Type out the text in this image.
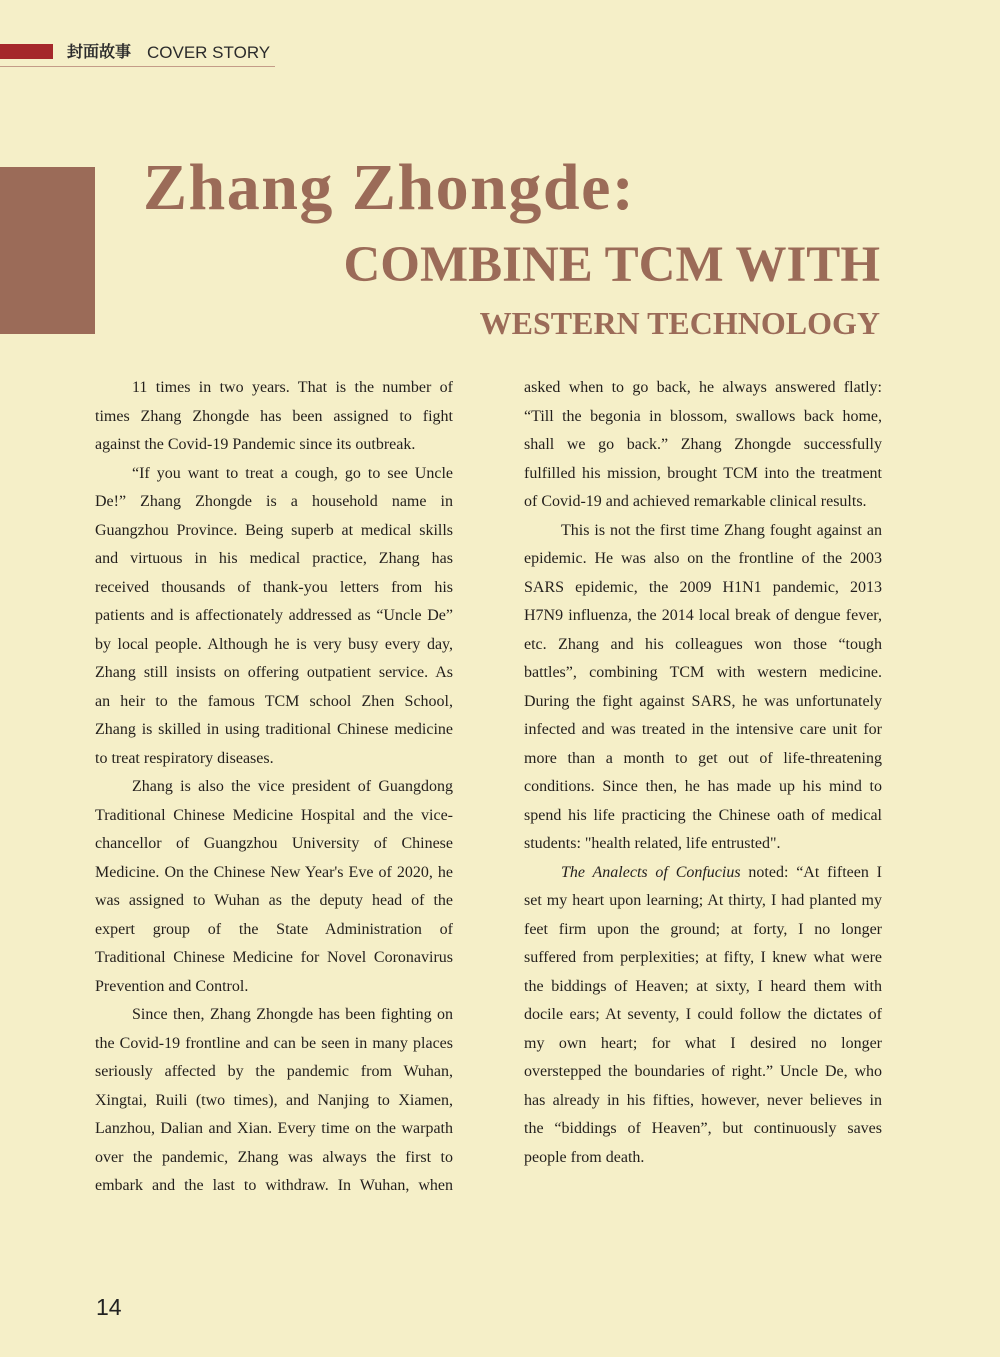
封面故事 COVER STORY
Zhang Zhongde:
COMBINE TCM WITH
WESTERN TECHNOLOGY
11 times in two years. That is the number of
times Zhang Zhongde has been assigned to fight
against the Covid-19 Pandemic since its outbreak.
“If you want to treat a cough, go to see Uncle
De!” Zhang Zhongde is a household name in
Guangzhou Province. Being superb at medical skills
and virtuous in his medical practice, Zhang has
received thousands of thank-you letters from his
patients and is affectionately addressed as “Uncle De”
by local people. Although he is very busy every day,
Zhang still insists on offering outpatient service. As
an heir to the famous TCM school Zhen School,
Zhang is skilled in using traditional Chinese medicine
to treat respiratory diseases.
Zhang is also the vice president of Guangdong
Traditional Chinese Medicine Hospital and the vice-
chancellor of Guangzhou University of Chinese
Medicine. On the Chinese New Year's Eve of 2020, he
was assigned to Wuhan as the deputy head of the
expert group of the State Administration of
Traditional Chinese Medicine for Novel Coronavirus
Prevention and Control.
Since then, Zhang Zhongde has been fighting on
the Covid-19 frontline and can be seen in many places
seriously affected by the pandemic from Wuhan,
Xingtai, Ruili (two times), and Nanjing to Xiamen,
Lanzhou, Dalian and Xian. Every time on the warpath
over the pandemic, Zhang was always the first to
embark and the last to withdraw. In Wuhan, when
asked when to go back, he always answered flatly:
“Till the begonia in blossom, swallows back home,
shall we go back.” Zhang Zhongde successfully
fulfilled his mission, brought TCM into the treatment
of Covid-19 and achieved remarkable clinical results.
This is not the first time Zhang fought against an
epidemic. He was also on the frontline of the 2003
SARS epidemic, the 2009 H1N1 pandemic, 2013
H7N9 influenza, the 2014 local break of dengue fever,
etc. Zhang and his colleagues won those “tough
battles”, combining TCM with western medicine.
During the fight against SARS, he was unfortunately
infected and was treated in the intensive care unit for
more than a month to get out of life-threatening
conditions. Since then, he has made up his mind to
spend his life practicing the Chinese oath of medical
students: "health related, life entrusted".
The Analects of Confucius noted: “At fifteen I
set my heart upon learning; At thirty, I had planted my
feet firm upon the ground; at forty, I no longer
suffered from perplexities; at fifty, I knew what were
the biddings of Heaven; at sixty, I heard them with
docile ears; At seventy, I could follow the dictates of
my own heart; for what I desired no longer
overstepped the boundaries of right.” Uncle De, who
has already in his fifties, however, never believes in
the “biddings of Heaven”, but continuously saves
people from death.
14
